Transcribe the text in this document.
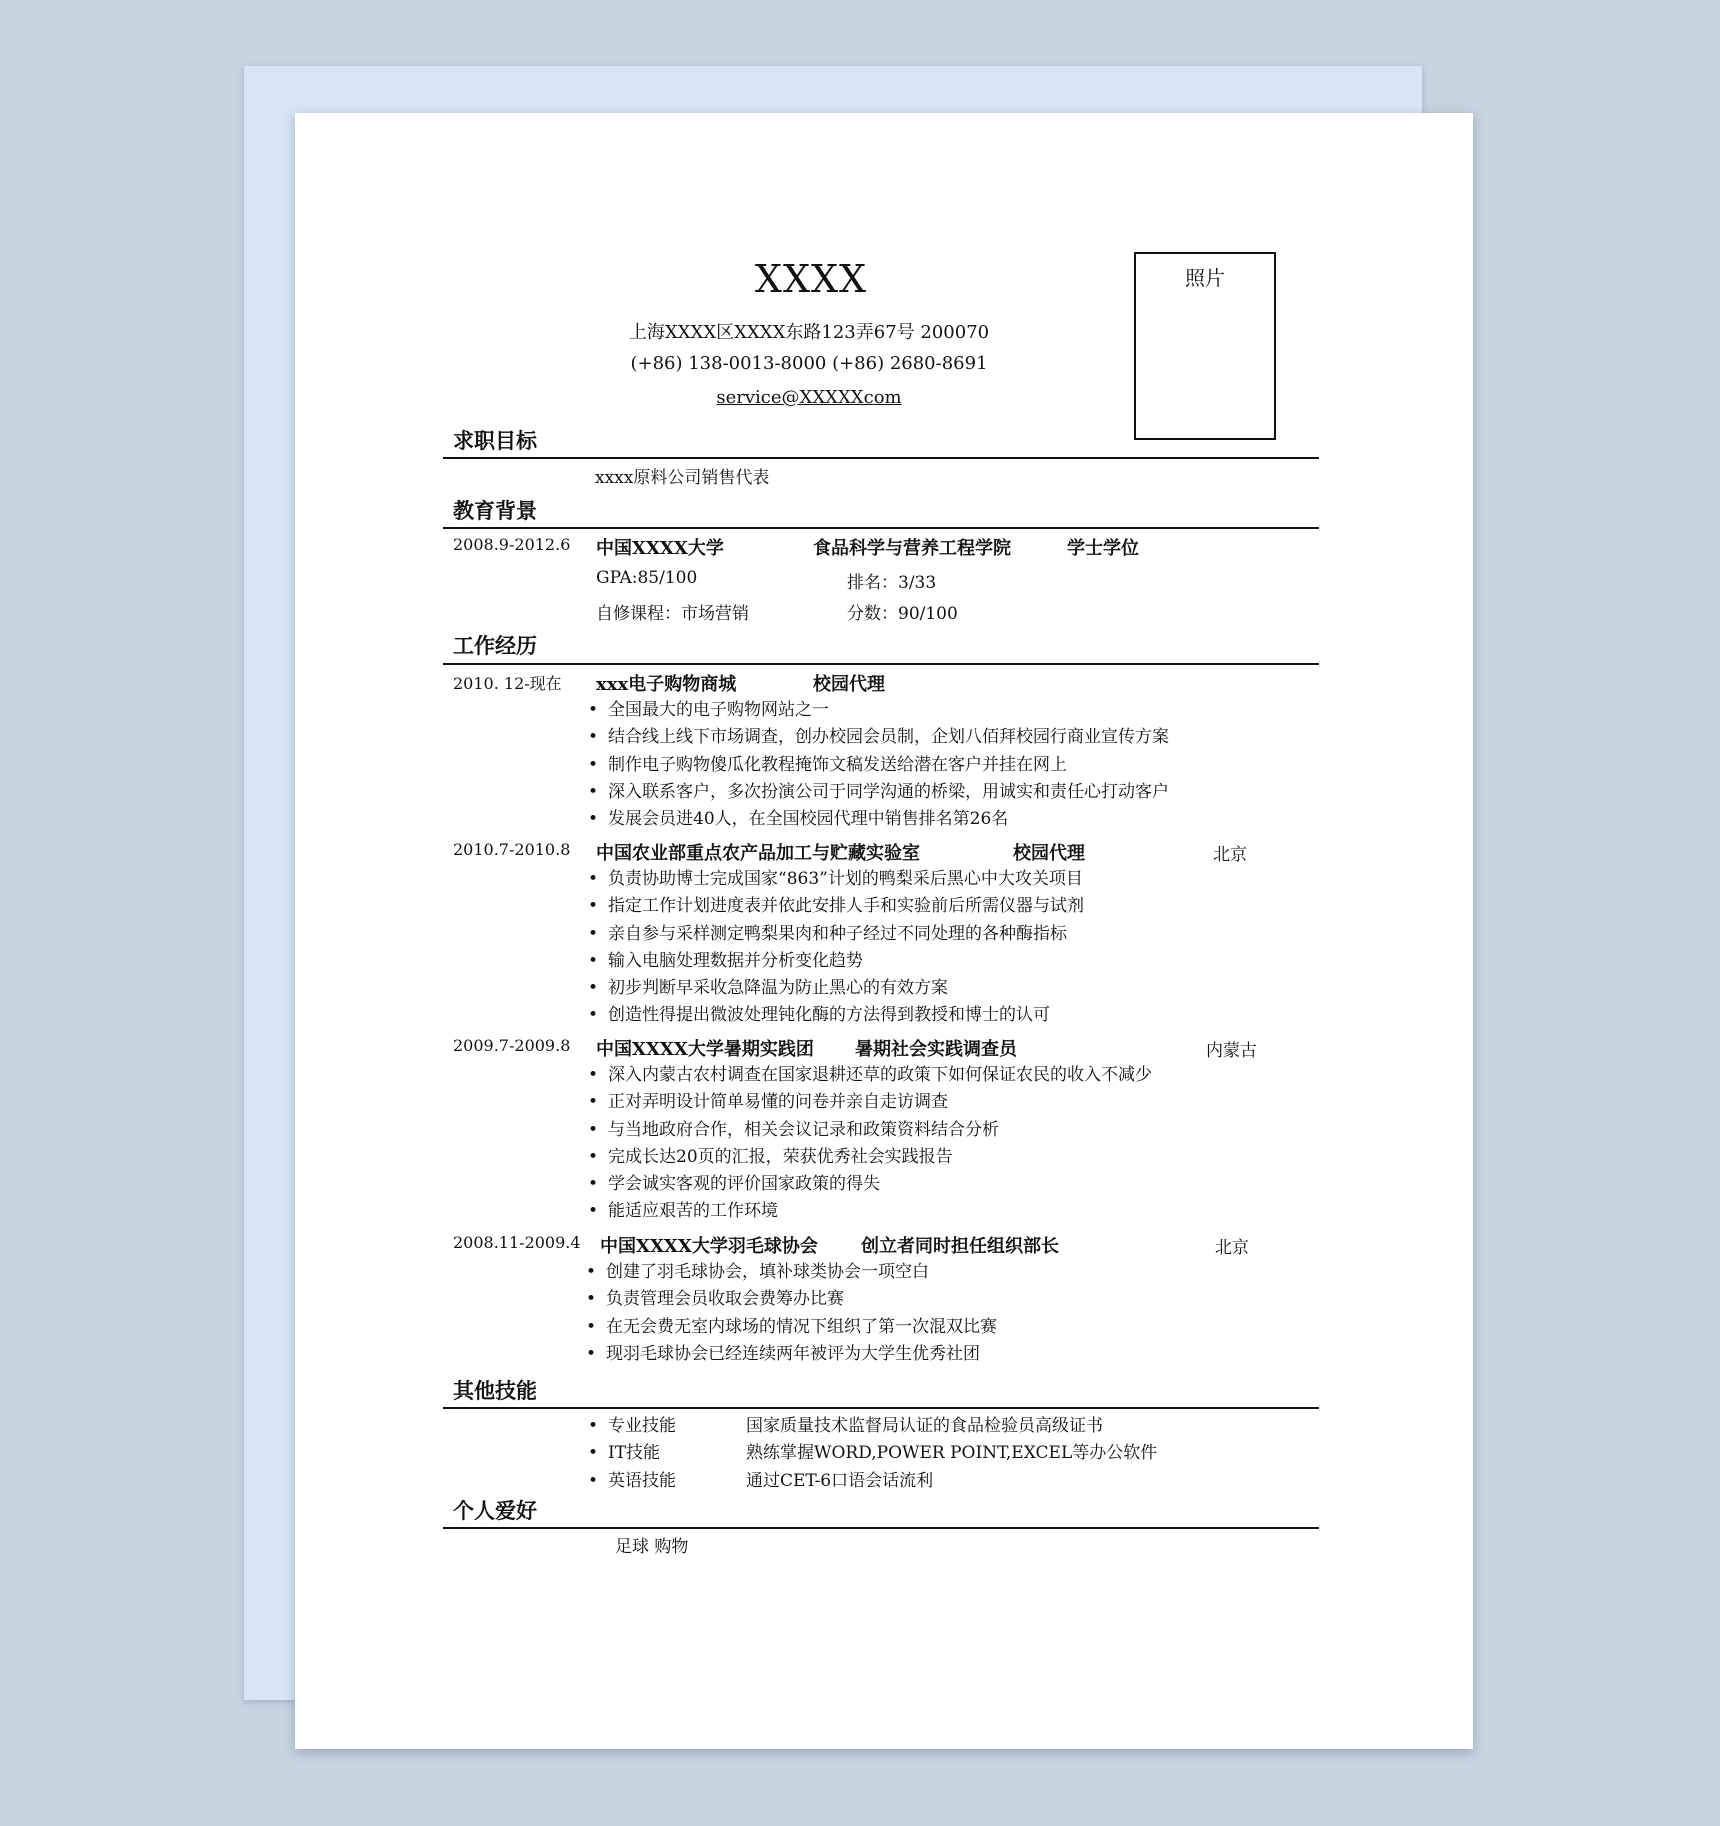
XXXX
上海XXXX区XXXX东路123弄67号 200070
(+86) 138-0013-8000 (+86) 2680-8691
service@XXXXXcom
照片
求职目标
xxxx原料公司销售代表
教育背景
2008.9-2012.6 中国XXXX大学	食品科学与营养工程学院	学士学位
GPA:85/100	排名：3/33
自修课程：市场营销	分数：90/100
工作经历
2010. 12-现在 xxx电子购物商城	校园代理
• 全国最大的电子购物网站之一
• 结合线上线下市场调查，创办校园会员制，企划八佰拜校园行商业宣传方案
• 制作电子购物傻瓜化教程掩饰文稿发送给潜在客户并挂在网上
• 深入联系客户，多次扮演公司于同学沟通的桥梁，用诚实和责任心打动客户
• 发展会员进40人，在全国校园代理中销售排名第26名
2010.7-2010.8 中国农业部重点农产品加工与贮藏实验室	校园代理	北京
• 负责协助博士完成国家“863”计划的鸭梨采后黑心中大攻关项目
• 指定工作计划进度表并依此安排人手和实验前后所需仪器与试剂
• 亲自参与采样测定鸭梨果肉和种子经过不同处理的各种酶指标
• 输入电脑处理数据并分析变化趋势
• 初步判断早采收急降温为防止黑心的有效方案
• 创造性得提出微波处理钝化酶的方法得到教授和博士的认可
2009.7-2009.8 中国XXXX大学暑期实践团 暑期社会实践调查员	内蒙古
• 深入内蒙古农村调查在国家退耕还草的政策下如何保证农民的收入不减少
• 正对弄明设计简单易懂的问卷并亲自走访调查
• 与当地政府合作，相关会议记录和政策资料结合分析
• 完成长达20页的汇报，荣获优秀社会实践报告
• 学会诚实客观的评价国家政策的得失
• 能适应艰苦的工作环境
2008.11-2009.4 中国XXXX大学羽毛球协会 创立者同时担任组织部长	北京
• 创建了羽毛球协会，填补球类协会一项空白
• 负责管理会员收取会费筹办比赛
• 在无会费无室内球场的情况下组织了第一次混双比赛
• 现羽毛球协会已经连续两年被评为大学生优秀社团
其他技能
• 专业技能	国家质量技术监督局认证的食品检验员高级证书
• IT技能	熟练掌握WORD,POWER POINT,EXCEL等办公软件
• 英语技能	通过CET-6口语会话流利
个人爱好
足球 购物
